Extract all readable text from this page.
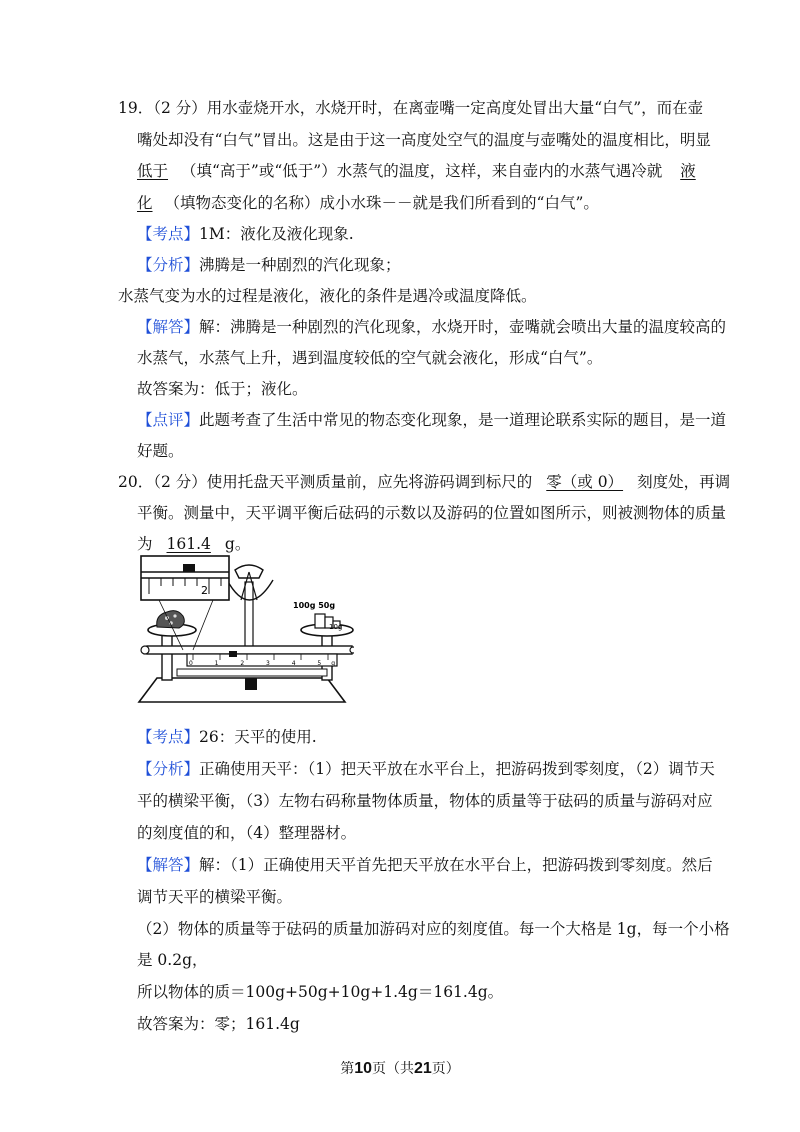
19．（2 分）用水壶烧开水，水烧开时，在离壶嘴一定高度处冒出大量“白气”，而在壶
嘴处却没有“白气”冒出。这是由于这一高度处空气的温度与壶嘴处的温度相比，明显
低于 （填“高于”或“低于”）水蒸气的温度，这样，来自壶内的水蒸气遇冷就 液
化 （填物态变化的名称）成小水珠－－就是我们所看到的“白气”。
【考点】1M：液化及液化现象.
【分析】沸腾是一种剧烈的汽化现象；
水蒸气变为水的过程是液化，液化的条件是遇冷或温度降低。
【解答】解：沸腾是一种剧烈的汽化现象，水烧开时，壶嘴就会喷出大量的温度较高的
水蒸气，水蒸气上升，遇到温度较低的空气就会液化，形成“白气”。
故答案为：低于；液化。
【点评】此题考查了生活中常见的物态变化现象，是一道理论联系实际的题目，是一道
好题。
20．（2 分）使用托盘天平测质量前，应先将游码调到标尺的 零（或 0） 刻度处，再调
平衡。测量中，天平调平衡后砝码的示数以及游码的位置如图所示，则被测物体的质量
为 161.4 g。
10g
100g 50g
0 1 2 3 4 5g
2
【考点】26：天平的使用.
【分析】正确使用天平：（1）把天平放在水平台上，把游码拨到零刻度，（2）调节天
平的横梁平衡，（3）左物右码称量物体质量，物体的质量等于砝码的质量与游码对应
的刻度值的和，（4）整理器材。
【解答】解：（1）正确使用天平首先把天平放在水平台上，把游码拨到零刻度。然后
调节天平的横梁平衡。
（2）物体的质量等于砝码的质量加游码对应的刻度值。每一个大格是 1g，每一个小格
是 0.2g，
所以物体的质＝100g+50g+10g+1.4g＝161.4g。
故答案为：零；161.4g
第10页（共21页）
